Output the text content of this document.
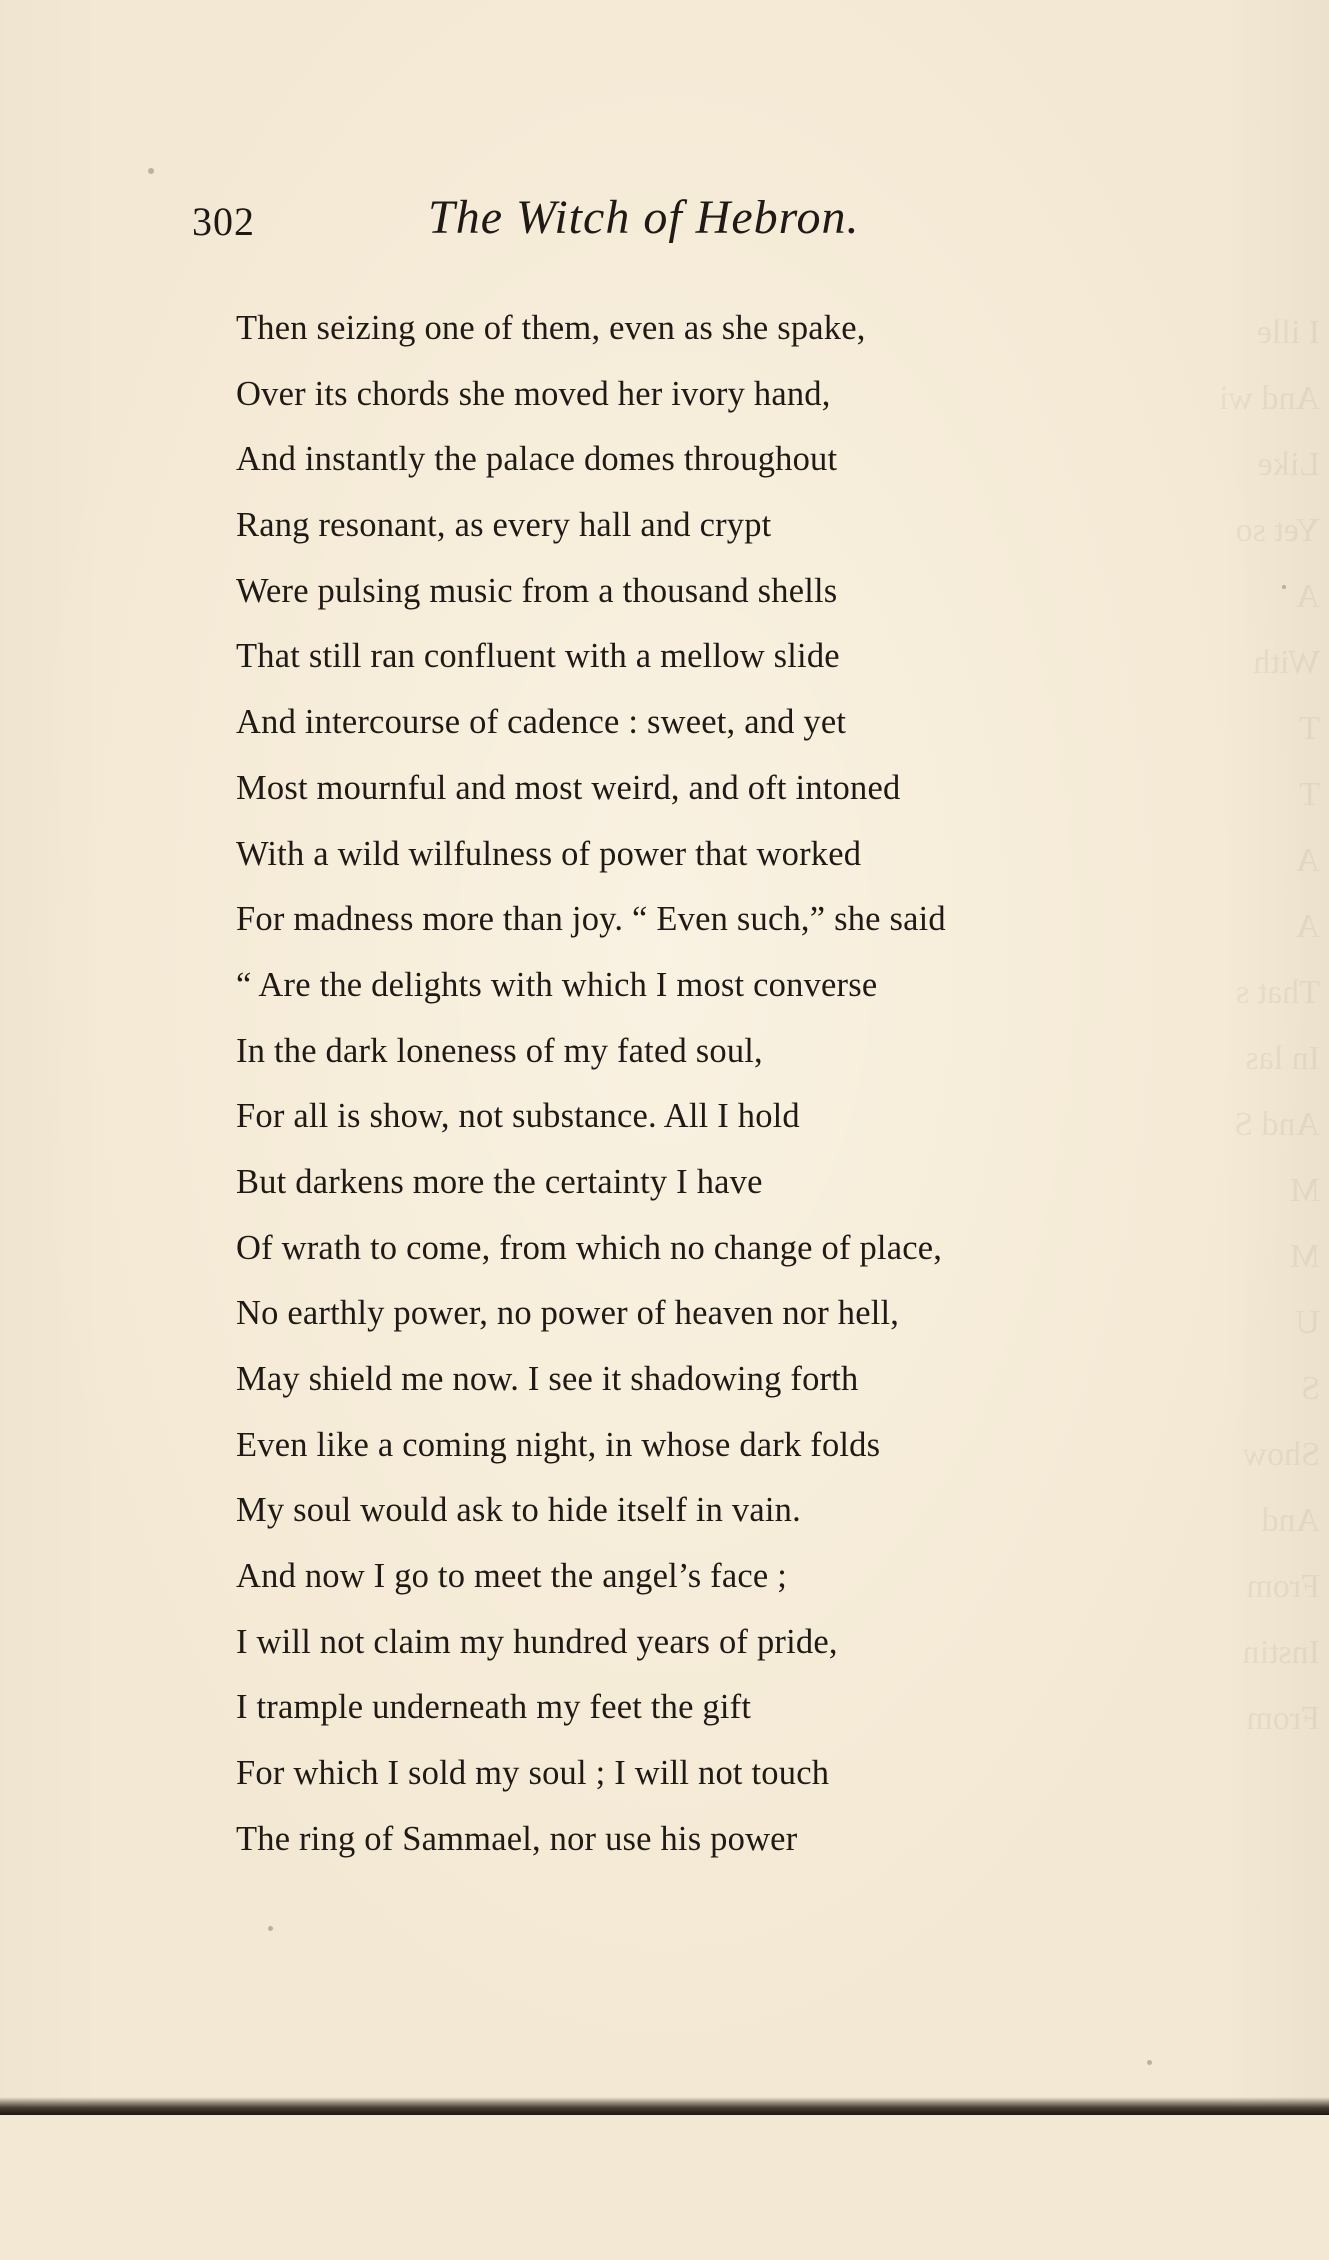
I ille
And wi
Like
Yet so
A
With
T
T
A
A
That s
In las
And S
M
M
U
S
Show
And
From
Instin
From
302	The Witch of Hebron.
Then seizing one of them, even as she spake,
Over its chords she moved her ivory hand,
And instantly the palace domes throughout
Rang resonant, as every hall and crypt
Were pulsing music from a thousand shells
That still ran confluent with a mellow slide
And intercourse of cadence : sweet, and yet
Most mournful and most weird, and oft intoned
With a wild wilfulness of power that worked
For madness more than joy. “ Even such,” she said
“ Are the delights with which I most converse
In the dark loneness of my fated soul,
For all is show, not substance. All I hold
But darkens more the certainty I have
Of wrath to come, from which no change of place,
No earthly power, no power of heaven nor hell,
May shield me now. I see it shadowing forth
Even like a coming night, in whose dark folds
My soul would ask to hide itself in vain.
And now I go to meet the angel’s face ;
I will not claim my hundred years of pride,
I trample underneath my feet the gift
For which I sold my soul ; I will not touch
The ring of Sammael, nor use his power
